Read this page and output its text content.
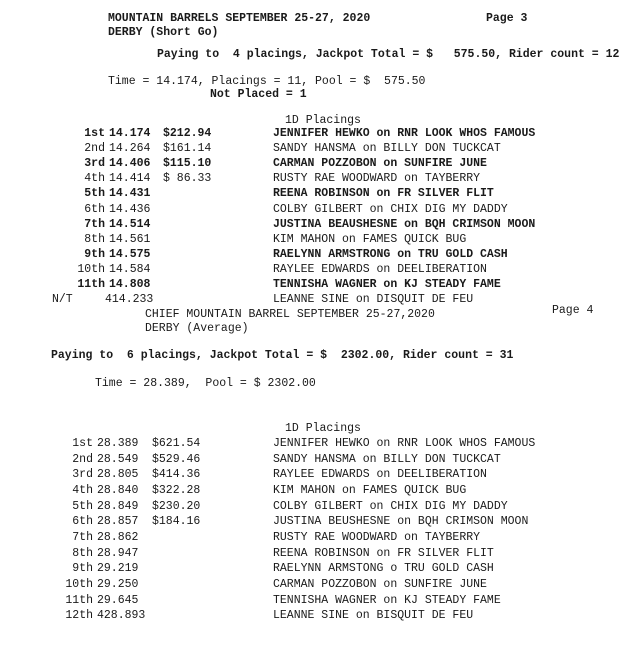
MOUNTAIN BARRELS SEPTEMBER 25-27, 2020	Page 3
DERBY (Short Go)
Paying to  4 placings, Jackpot Total = $   575.50, Rider count = 12
Time = 14.174, Placings = 11, Pool = $  575.50
Not Placed = 1
1D Placings
1st 14.174 $212.94	JENNIFER HEWKO on RNR LOOK WHOS FAMOUS
2nd 14.264 $161.14	SANDY HANSMA on BILLY DON TUCKCAT
3rd 14.406 $115.10	CARMAN POZZOBON on SUNFIRE JUNE
4th 14.414 $ 86.33	RUSTY RAE WOODWARD on TAYBERRY
5th 14.431	REENA ROBINSON on FR SILVER FLIT
6th 14.436	COLBY GILBERT on CHIX DIG MY DADDY
7th 14.514	JUSTINA BEAUSHESNE on BQH CRIMSON MOON
8th 14.561	KIM MAHON on FAMES QUICK BUG
9th 14.575	RAELYNN ARMSTRONG on TRU GOLD CASH
10th 14.584	RAYLEE EDWARDS on DEELIBERATION
11th 14.808	TENNISHA WAGNER on KJ STEADY FAME
N/T	414.233	LEANNE SINE on DISQUIT DE FEU
CHIEF MOUNTAIN BARREL SEPTEMBER 25-27,2020	Page 4
DERBY (Average)
Paying to  6 placings, Jackpot Total = $  2302.00, Rider count = 31
Time = 28.389,  Pool = $ 2302.00
1D Placings
1st 28.389 $621.54	JENNIFER HEWKO on RNR LOOK WHOS FAMOUS
2nd 28.549 $529.46	SANDY HANSMA on BILLY DON TUCKCAT
3rd 28.805 $414.36	RAYLEE EDWARDS on DEELIBERATION
4th 28.840 $322.28	KIM MAHON on FAMES QUICK BUG
5th 28.849 $230.20	COLBY GILBERT on CHIX DIG MY DADDY
6th 28.857 $184.16	JUSTINA BEUSHESNE on BQH CRIMSON MOON
7th 28.862	RUSTY RAE WOODWARD on TAYBERRY
8th 28.947	REENA ROBINSON on FR SILVER FLIT
9th 29.219	RAELYNN ARMSTONG o TRU GOLD CASH
10th 29.250	CARMAN POZZOBON on SUNFIRE JUNE
11th 29.645	TENNISHA WAGNER on KJ STEADY FAME
12th 428.893	LEANNE SINE on BISQUIT DE FEU
